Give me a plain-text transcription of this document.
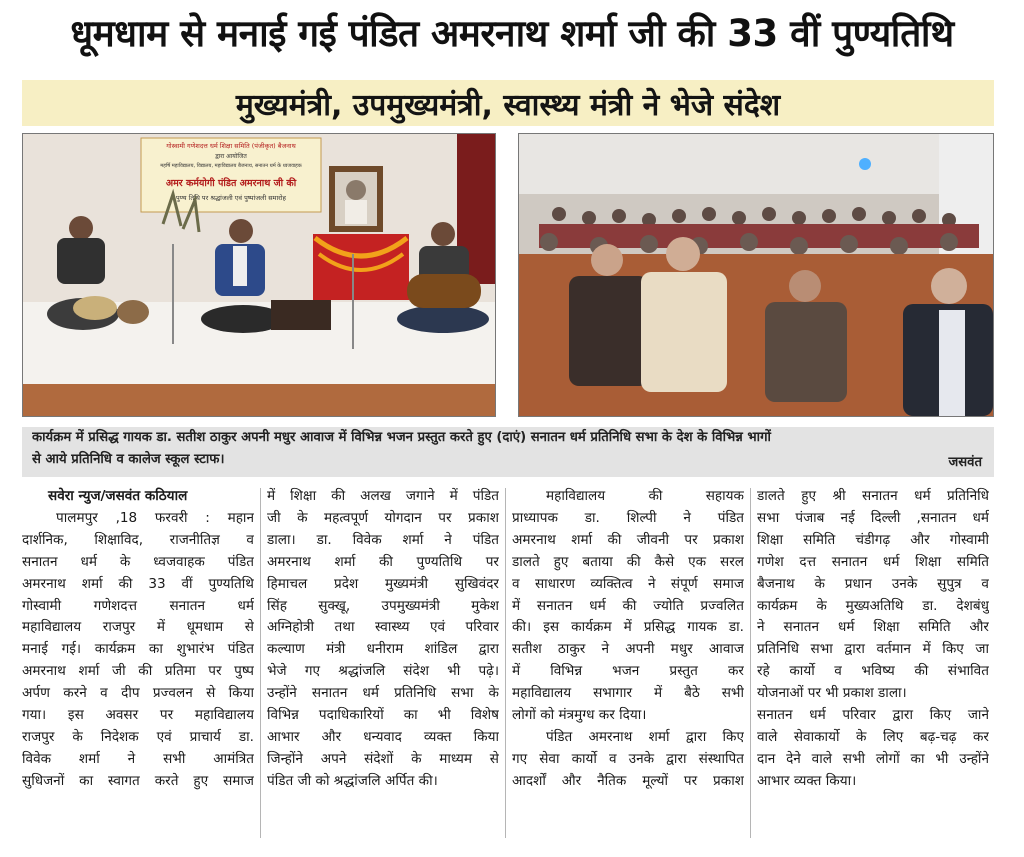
धूमधाम से मनाई गई पंडित अमरनाथ शर्मा जी की 33 वीं पुण्यतिथि
मुख्यमंत्री, उपमुख्यमंत्री, स्वास्थ्य मंत्री ने भेजे संदेश
गोस्वामी गणेशदत्त धर्म शिक्षा समिति (पंजीकृत) बैजनाथ
द्वारा आयोजित
महर्षि महाविद्यालय, विद्यालय, महाविद्यालय बैजनाथ, सनातन धर्म के ध्वजवाहक
अमर कर्मयोगी पंडित अमरनाथ जी की
पुण्य तिथि पर श्रद्धांजली एवं पुष्पांजली समारोह
कार्यक्रम में प्रसिद्ध गायक डा. सतीश ठाकुर अपनी मधुर आवाज में विभिन्न भजन प्रस्तुत करते हुए (दाएं) सनातन धर्म प्रतिनिधि सभा के देश के विभिन्न भागों
से आये प्रतिनिधि व कालेज स्कूल स्टाफ।	जसवंत
सवेरा न्युज/जसवंत कठियाल
पालमपुर ,18 फरवरी : महान
दार्शनिक, शिक्षाविद, राजनीतिज्ञ व
सनातन धर्म के ध्वजवाहक पंडित
अमरनाथ शर्मा की 33 वीं पुण्यतिथि
गोस्वामी गणेशदत्त सनातन धर्म
महाविद्यालय राजपुर में धूमधाम से
मनाई गई। कार्यक्रम का शुभारंभ पंडित
अमरनाथ शर्मा जी की प्रतिमा पर पुष्प
अर्पण करने व दीप प्रज्वलन से किया
गया। इस अवसर पर महाविद्यालय
राजपुर के निदेशक एवं प्राचार्य डा.
विवेक शर्मा ने सभी आमंत्रित
सुधिजनों का स्वागत करते हुए समाज
में शिक्षा की अलख जगाने में पंडित
जी के महत्वपूर्ण योगदान पर प्रकाश
डाला। डा. विवेक शर्मा ने पंडित
अमरनाथ शर्मा की पुण्यतिथि पर
हिमाचल प्रदेश मुख्यमंत्री सुखिवंदर
सिंह सुक्खू, उपमुख्यमंत्री मुकेश
अग्निहोत्री तथा स्वास्थ्य एवं परिवार
कल्याण मंत्री धनीराम शांडिल द्वारा
भेजे गए श्रद्धांजलि संदेश भी पढ़े।
उन्होंने सनातन धर्म प्रतिनिधि सभा के
विभिन्न पदाधिकारियों का भी विशेष
आभार और धन्यवाद व्यक्त किया
जिन्होंने अपने संदेशों के माध्यम से
पंडित जी को श्रद्धांजलि अर्पित की।
महाविद्यालय की सहायक
प्राध्यापक डा. शिल्पी ने पंडित
अमरनाथ शर्मा की जीवनी पर प्रकाश
डालते हुए बताया की कैसे एक सरल
व साधारण व्यक्तित्व ने संपूर्ण समाज
में सनातन धर्म की ज्योति प्रज्वलित
की। इस कार्यक्रम में प्रसिद्ध गायक डा.
सतीश ठाकुर ने अपनी मधुर आवाज
में विभिन्न भजन प्रस्तुत कर
महाविद्यालय सभागार में बैठे सभी
लोगों को मंत्रमुग्ध कर दिया।
पंडित अमरनाथ शर्मा द्वारा किए
गए सेवा कार्यो व उनके द्वारा संस्थापित
आदर्शों और नैतिक मूल्यों पर प्रकाश
डालते हुए श्री सनातन धर्म प्रतिनिधि
सभा पंजाब नई दिल्ली ,सनातन धर्म
शिक्षा समिति चंडीगढ़ और गोस्वामी
गणेश दत्त सनातन धर्म शिक्षा समिति
बैजनाथ के प्रधान उनके सुपुत्र व
कार्यक्रम के मुख्यअतिथि डा. देशबंधु
ने सनातन धर्म शिक्षा समिति और
प्रतिनिधि सभा द्वारा वर्तमान में किए जा
रहे कार्यो व भविष्य की संभावित
योजनाओं पर भी प्रकाश डाला।
सनातन धर्म परिवार द्वारा किए जाने
वाले सेवाकार्यो के लिए बढ़-चढ़ कर
दान देने वाले सभी लोगों का भी उन्होंने
आभार व्यक्त किया।
